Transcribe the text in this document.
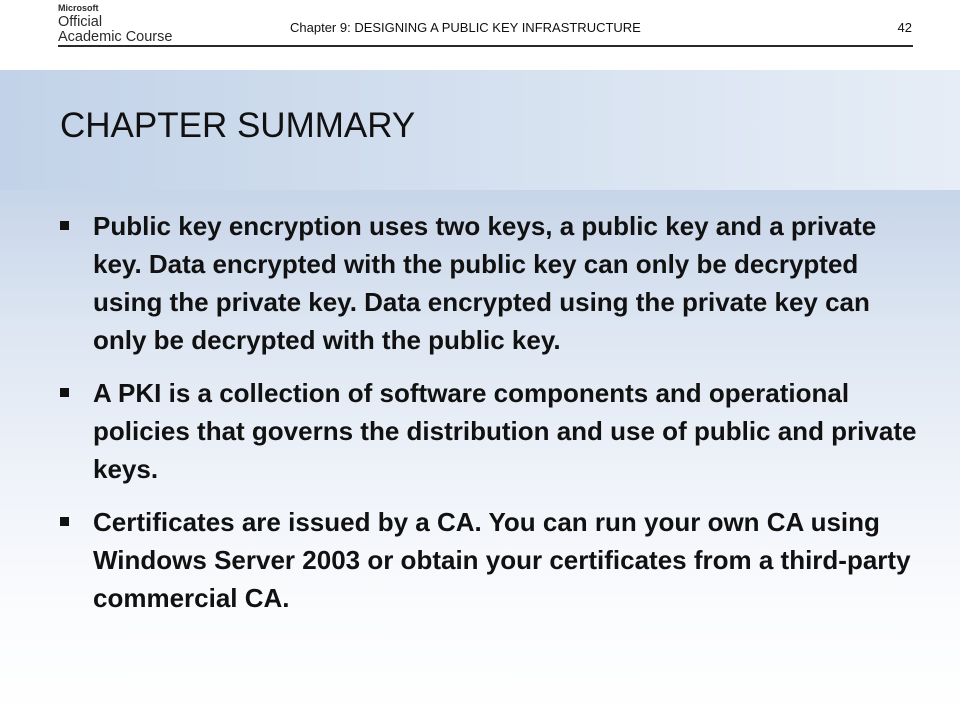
Microsoft
Official
Academic Course
Chapter 9: DESIGNING A PUBLIC KEY INFRASTRUCTURE	42
CHAPTER SUMMARY
Public key encryption uses two keys, a public key and a private key. Data encrypted with the public key can only be decrypted using the private key. Data encrypted using the private key can only be decrypted with the public key.
A PKI is a collection of software components and operational policies that governs the distribution and use of public and private keys.
Certificates are issued by a CA. You can run your own CA using Windows Server 2003 or obtain your certificates from a third-party commercial CA.
